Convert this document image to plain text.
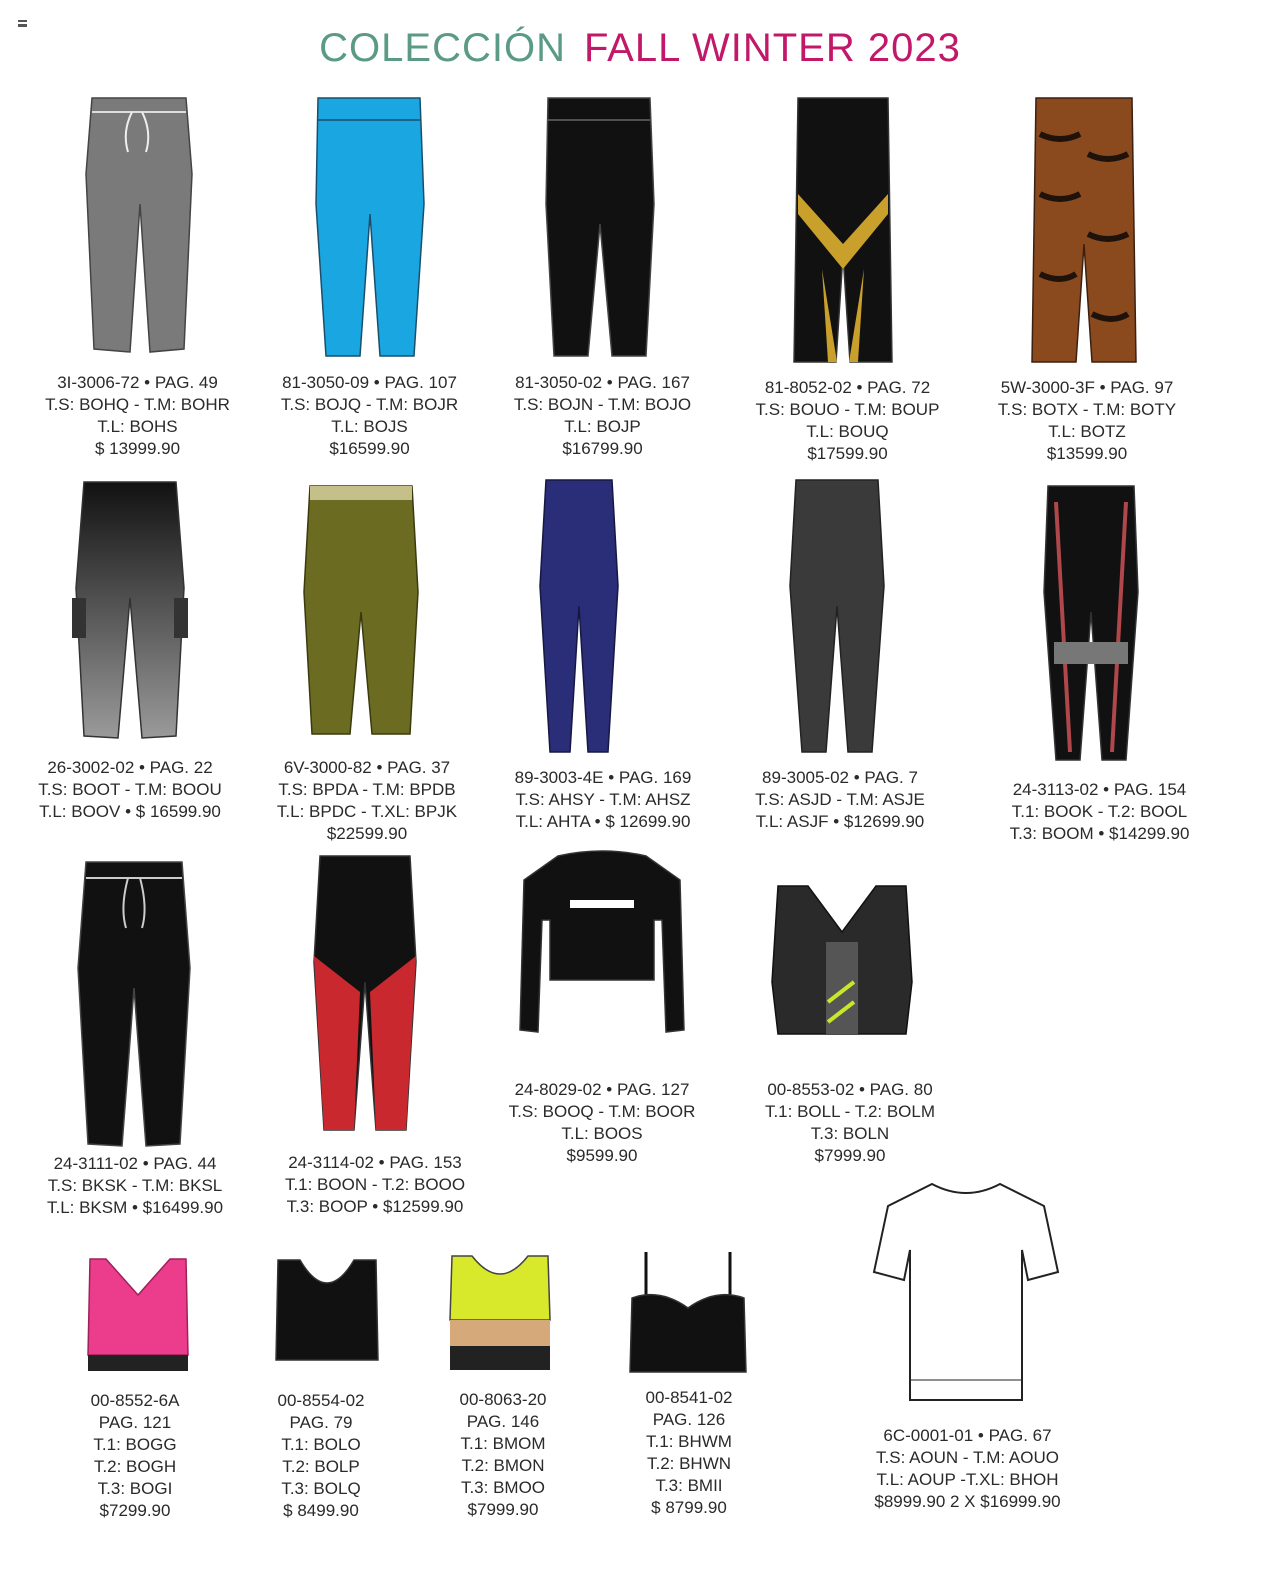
COLECCIÓN FALL WINTER 2023
3I-3006-72 • PAG. 49
T.S: BOHQ - T.M: BOHR
T.L: BOHS
$ 13999.90
81-3050-09 • PAG. 107
T.S: BOJQ - T.M: BOJR
T.L: BOJS
$16599.90
81-3050-02 • PAG. 167
T.S: BOJN - T.M: BOJO
T.L: BOJP
$16799.90
81-8052-02 • PAG. 72
T.S: BOUO - T.M: BOUP
T.L: BOUQ
$17599.90
5W-3000-3F • PAG. 97
T.S: BOTX - T.M: BOTY
T.L: BOTZ
$13599.90
26-3002-02 • PAG. 22
T.S: BOOT - T.M: BOOU
T.L: BOOV • $ 16599.90
6V-3000-82 • PAG. 37
T.S: BPDA - T.M: BPDB
T.L: BPDC - T.XL: BPJK
$22599.90
89-3003-4E • PAG. 169
T.S: AHSY - T.M: AHSZ
T.L: AHTA • $ 12699.90
89-3005-02 • PAG. 7
T.S: ASJD - T.M: ASJE
T.L: ASJF • $12699.90
24-3113-02 • PAG. 154
T.1: BOOK - T.2: BOOL
T.3: BOOM • $14299.90
24-3111-02 • PAG. 44
T.S: BKSK - T.M: BKSL
T.L: BKSM • $16499.90
24-3114-02 • PAG. 153
T.1: BOON - T.2: BOOO
T.3: BOOP • $12599.90
24-8029-02 • PAG. 127
T.S: BOOQ - T.M: BOOR
T.L: BOOS
$9599.90
00-8553-02 • PAG. 80
T.1: BOLL - T.2: BOLM
T.3: BOLN
$7999.90
00-8552-6A
PAG. 121
T.1: BOGG
T.2: BOGH
T.3: BOGI
$7299.90
00-8554-02
PAG. 79
T.1: BOLO
T.2: BOLP
T.3: BOLQ
$ 8499.90
00-8063-20
PAG. 146
T.1: BMOM
T.2: BMON
T.3: BMOO
$7999.90
00-8541-02
PAG. 126
T.1: BHWM
T.2: BHWN
T.3: BMII
$ 8799.90
6C-0001-01 • PAG. 67
T.S: AOUN - T.M: AOUO
T.L: AOUP -T.XL: BHOH
$8999.90 2 X $16999.90
